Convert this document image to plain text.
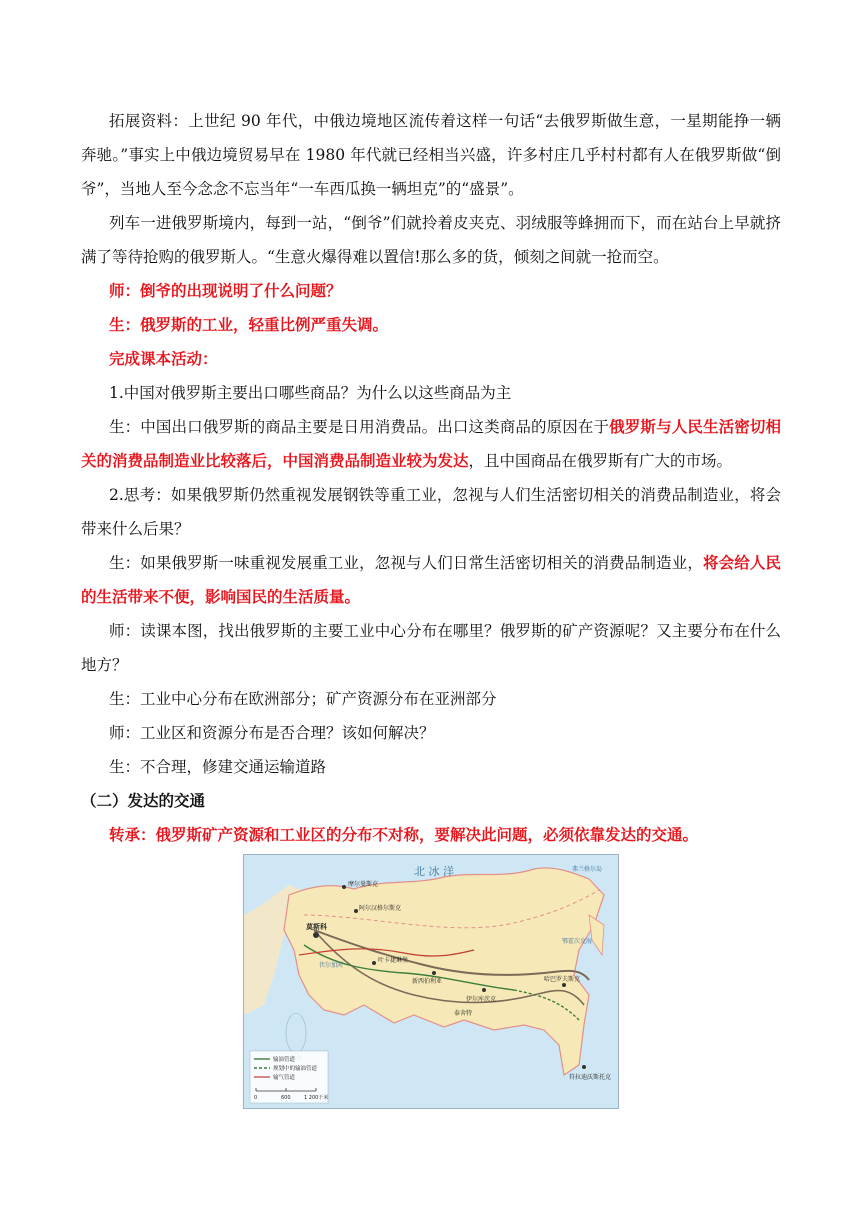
拓展资料：上世纪 90 年代，中俄边境地区流传着这样一句话“去俄罗斯做生意，一星期能挣一辆奔驰。”事实上中俄边境贸易早在 1980 年代就已经相当兴盛，许多村庄几乎村村都有人在俄罗斯做“倒爷”，当地人至今念念不忘当年“一车西瓜换一辆坦克”的“盛景”。

列车一进俄罗斯境内，每到一站，“倒爷”们就拎着皮夹克、羽绒服等蜂拥而下，而在站台上早就挤满了等待抢购的俄罗斯人。“生意火爆得难以置信!那么多的货，倾刻之间就一抢而空。

师：倒爷的出现说明了什么问题？

生：俄罗斯的工业，轻重比例严重失调。

完成课本活动：

1.中国对俄罗斯主要出口哪些商品？为什么以这些商品为主

生：中国出口俄罗斯的商品主要是日用消费品。出口这类商品的原因在于俄罗斯与人民生活密切相关的消费品制造业比较落后，中国消费品制造业较为发达，且中国商品在俄罗斯有广大的市场。

2.思考：如果俄罗斯仍然重视发展钢铁等重工业，忽视与人们生活密切相关的消费品制造业，将会带来什么后果？

生：如果俄罗斯一味重视发展重工业，忽视与人们日常生活密切相关的消费品制造业，将会给人民的生活带来不便，影响国民的生活质量。

师：读课本图，找出俄罗斯的主要工业中心分布在哪里？俄罗斯的矿产资源呢？又主要分布在什么地方？

生：工业中心分布在欧洲部分；矿产资源分布在亚洲部分

师：工业区和资源分布是否合理？该如何解决？

生：不合理，修建交通运输道路

（二）发达的交通

转承：俄罗斯矿产资源和工业区的分布不对称，要解决此问题，必须依靠发达的交通。

北 冰 洋
摩尔曼斯克
阿尔汉格尔斯克
莫斯科
叶卡捷琳堡
新西伯利亚
伊尔库茨克
哈巴罗夫斯克
符拉迪沃斯托克
鄂霍次克海
伏尔加河
泰舍特
弗兰格尔岛
输油管道
规划中的输油管道
输气管道
0	600	1 200千米
